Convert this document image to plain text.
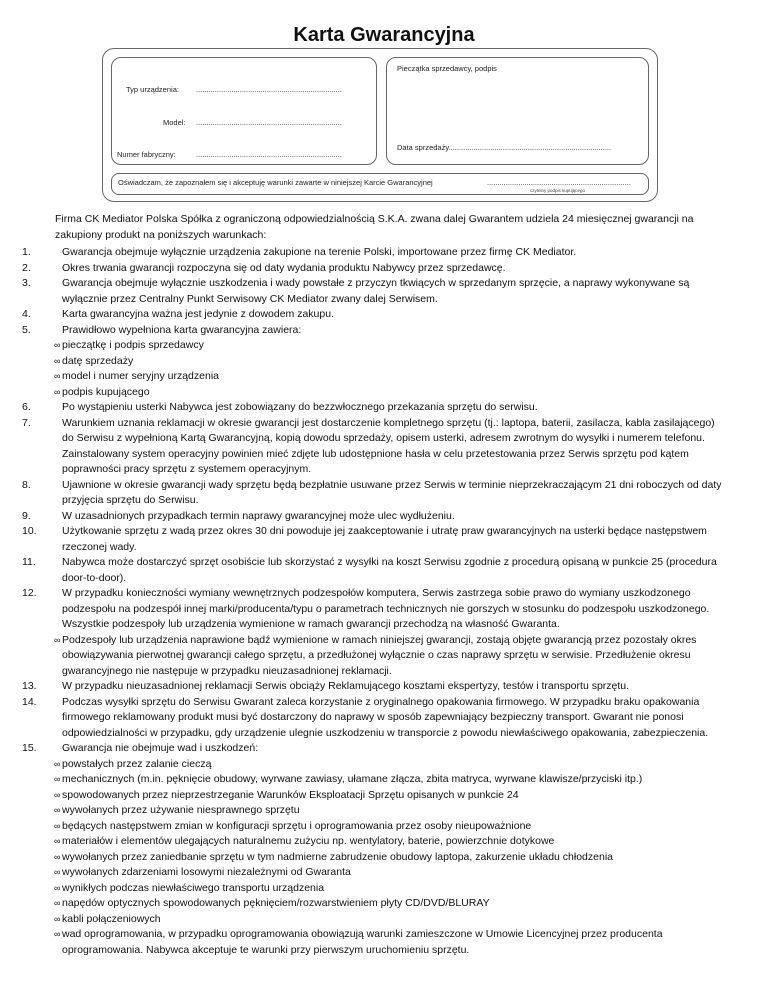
Karta Gwarancyjna
Typ urządzenia: ......................................................................
Model: ......................................................................
Numer fabryczny:	......................................................................
Pieczątka sprzedawcy, podpis
Data sprzedaży..............................................................................
Oświadczam, że zapoznałem się i akceptuję warunki zawarte w niniejszej Karcie Gwarancyjnej	.....................................................................
czytelny podpis kupującego
Firma CK Mediator Polska Spółka z ograniczoną odpowiedzialnością S.K.A. zwana dalej Gwarantem udziela 24 miesięcznej gwarancji na zakupiony produkt na poniższych warunkach:
1.	Gwarancja obejmuje wyłącznie urządzenia zakupione na terenie Polski, importowane przez firmę CK Mediator.
2.	Okres trwania gwarancji rozpoczyna się od daty wydania produktu Nabywcy przez sprzedawcę.
3.	Gwarancja obejmuje wyłącznie uszkodzenia i wady powstałe z przyczyn tkwiących w sprzedanym sprzęcie, a naprawy wykonywane są wyłącznie przez Centralny Punkt Serwisowy CK Mediator zwany dalej Serwisem.
4.	Karta gwarancyjna ważna jest jedynie z dowodem zakupu.
5.	Prawidłowo wypełniona karta gwarancyjna zawiera:
∞ pieczątkę i podpis sprzedawcy
∞ datę sprzedaży
∞ model i numer seryjny urządzenia
∞ podpis kupującego
6.	Po wystąpieniu usterki Nabywca jest zobowiązany do bezzwłocznego przekazania sprzętu do serwisu.
7.	Warunkiem uznania reklamacji w okresie gwarancji jest dostarczenie kompletnego sprzętu (tj.: laptopa, baterii, zasilacza, kabla zasilającego) do Serwisu z wypełnioną Kartą Gwarancyjną, kopią dowodu sprzedaży, opisem usterki, adresem zwrotnym do wysyłki i numerem telefonu. Zainstalowany system operacyjny powinien mieć zdjęte lub udostępnione hasła w celu przetestowania przez Serwis sprzętu pod kątem poprawności pracy sprzętu z systemem operacyjnym.
8.	Ujawnione w okresie gwarancji wady sprzętu będą bezpłatnie usuwane przez Serwis w terminie nieprzekraczającym 21 dni roboczych od daty przyjęcia sprzętu do Serwisu.
9.	W uzasadnionych przypadkach termin naprawy gwarancyjnej może ulec wydłużeniu.
10.	Użytkowanie sprzętu z wadą przez okres 30 dni powoduje jej zaakceptowanie i utratę praw gwarancyjnych na usterki będące następstwem rzeczonej wady.
11.	Nabywca może dostarczyć sprzęt osobiście lub skorzystać z wysyłki na koszt Serwisu zgodnie z procedurą opisaną w punkcie 25 (procedura door-to-door).
12.	W przypadku konieczności wymiany wewnętrznych podzespołów komputera, Serwis zastrzega sobie prawo do wymiany uszkodzonego podzespołu na podzespół innej marki/producenta/typu o parametrach technicznych nie gorszych w stosunku do podzespołu uszkodzonego. Wszystkie podzespoły lub urządzenia wymienione w ramach gwarancji przechodzą na własność Gwaranta.
∞ Podzespoły lub urządzenia naprawione bądź wymienione w ramach niniejszej gwarancji, zostają objęte gwarancją przez pozostały okres obowiązywania pierwotnej gwarancji całego sprzętu, a przedłużonej wyłącznie o czas naprawy sprzętu w serwisie. Przedłużenie okresu gwarancyjnego nie następuje w przypadku nieuzasadnionej reklamacji.
13.	W przypadku nieuzasadnionej reklamacji Serwis obciąży Reklamującego kosztami ekspertyzy, testów i transportu sprzętu.
14.	Podczas wysyłki sprzętu do Serwisu Gwarant zaleca korzystanie z oryginalnego opakowania firmowego. W przypadku braku opakowania firmowego reklamowany produkt musi być dostarczony do naprawy w sposób zapewniający bezpieczny transport. Gwarant nie ponosi odpowiedzialności w przypadku, gdy urządzenie ulegnie uszkodzeniu w transporcie z powodu niewłaściwego opakowania, zabezpieczenia.
15.	Gwarancja nie obejmuje wad i uszkodzeń:
∞ powstałych przez zalanie cieczą
∞ mechanicznych (m.in. pęknięcie obudowy, wyrwane zawiasy, ułamane złącza, zbita matryca, wyrwane klawisze/przyciski itp.)
∞ spowodowanych przez nieprzestrzeganie Warunków Eksploatacji Sprzętu opisanych w punkcie 24
∞ wywołanych przez używanie niesprawnego sprzętu
∞ będących następstwem zmian w konfiguracji sprzętu i oprogramowania przez osoby nieupoważnione
∞ materiałów i elementów ulegających naturalnemu zużyciu np. wentylatory, baterie, powierzchnie dotykowe
∞ wywołanych przez zaniedbanie sprzętu w tym nadmierne zabrudzenie obudowy laptopa, zakurzenie układu chłodzenia
∞ wywołanych zdarzeniami losowymi niezależnymi od Gwaranta
∞ wynikłych podczas niewłaściwego transportu urządzenia
∞ napędów optycznych spowodowanych pęknięciem/rozwarstwieniem płyty CD/DVD/BLURAY
∞ kabli połączeniowych
∞ wad oprogramowania, w przypadku oprogramowania obowiązują warunki zamieszczone w Umowie Licencyjnej przez producenta oprogramowania. Nabywca akceptuje te warunki przy pierwszym uruchomieniu sprzętu.
